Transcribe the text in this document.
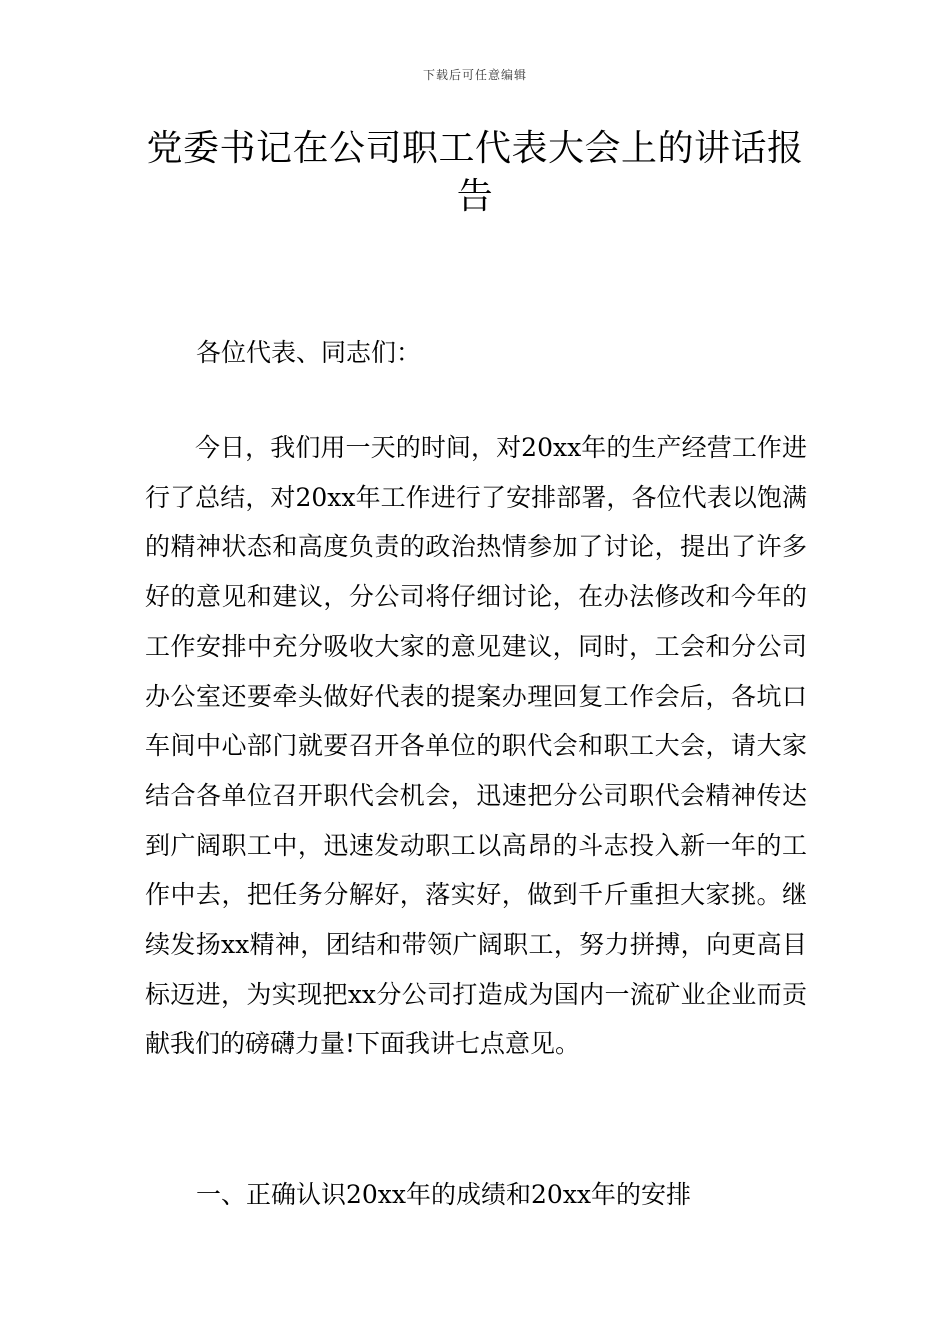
下载后可任意编辑
党委书记在公司职工代表大会上的讲话报告

各位代表、同志们：

今日，我们用一天的时间，对20xx年的生产经营工作进行了总结，对20xx年工作进行了安排部署，各位代表以饱满的精神状态和高度负责的政治热情参加了讨论，提出了许多好的意见和建议，分公司将仔细讨论，在办法修改和今年的工作安排中充分吸收大家的意见建议，同时，工会和分公司办公室还要牵头做好代表的提案办理回复工作会后，各坑口车间中心部门就要召开各单位的职代会和职工大会，请大家结合各单位召开职代会机会，迅速把分公司职代会精神传达到广阔职工中，迅速发动职工以高昂的斗志投入新一年的工作中去，把任务分解好，落实好，做到千斤重担大家挑。继续发扬xx精神，团结和带领广阔职工，努力拼搏，向更高目标迈进，为实现把xx分公司打造成为国内一流矿业企业而贡献我们的磅礴力量!下面我讲七点意见。

一、正确认识20xx年的成绩和20xx年的安排
